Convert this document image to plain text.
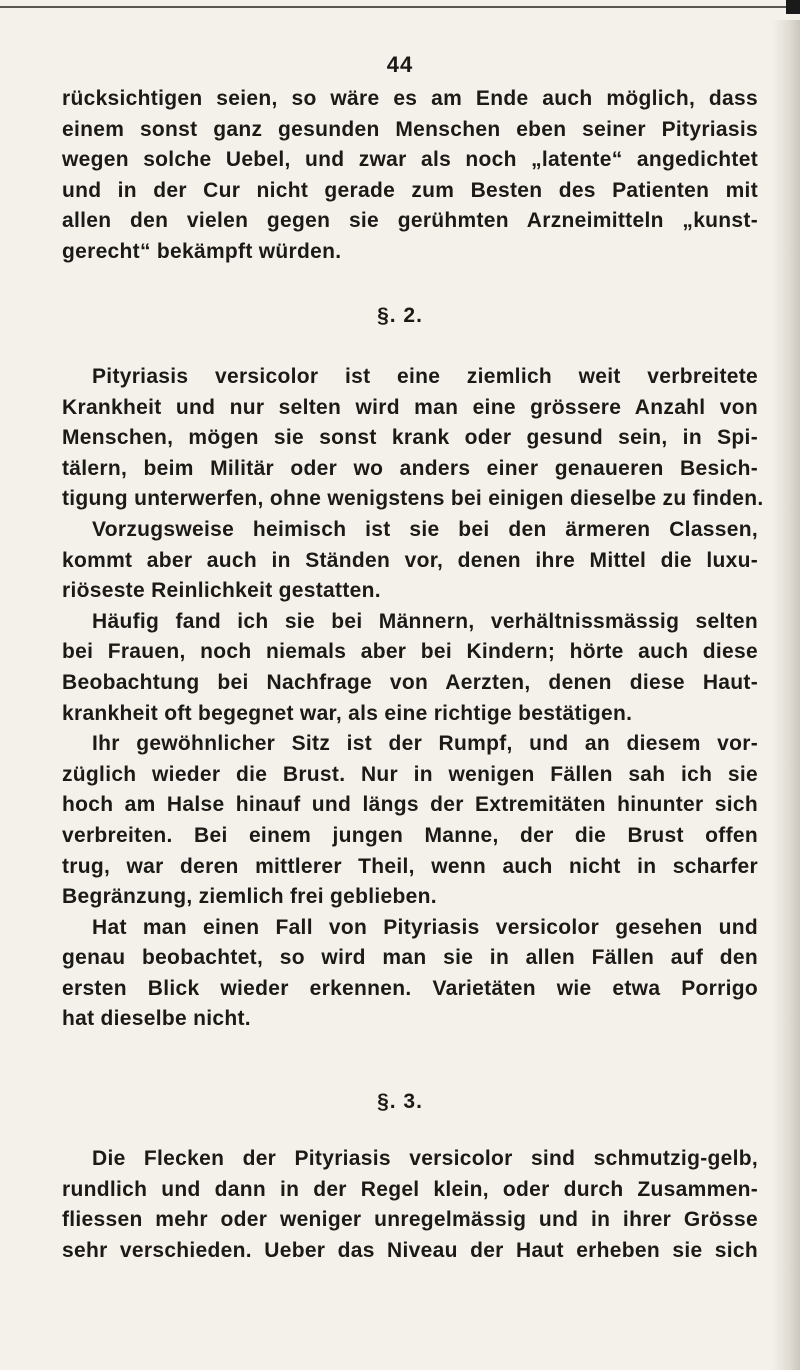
44
rücksichtigen seien, so wäre es am Ende auch möglich, dass
einem sonst ganz gesunden Menschen eben seiner Pityriasis
wegen solche Uebel, und zwar als noch „latente“ angedichtet
und in der Cur nicht gerade zum Besten des Patienten mit
allen den vielen gegen sie gerühmten Arzneimitteln „kunst-
gerecht“ bekämpft würden.
§. 2.
Pityriasis versicolor ist eine ziemlich weit verbreitete
Krankheit und nur selten wird man eine grössere Anzahl von
Menschen, mögen sie sonst krank oder gesund sein, in Spi-
tälern, beim Militär oder wo anders einer genaueren Besich-
tigung unterwerfen, ohne wenigstens bei einigen dieselbe zu finden.
Vorzugsweise heimisch ist sie bei den ärmeren Classen,
kommt aber auch in Ständen vor, denen ihre Mittel die luxu-
riöseste Reinlichkeit gestatten.
Häufig fand ich sie bei Männern, verhältnissmässig selten
bei Frauen, noch niemals aber bei Kindern; hörte auch diese
Beobachtung bei Nachfrage von Aerzten, denen diese Haut-
krankheit oft begegnet war, als eine richtige bestätigen.
Ihr gewöhnlicher Sitz ist der Rumpf, und an diesem vor-
züglich wieder die Brust. Nur in wenigen Fällen sah ich sie
hoch am Halse hinauf und längs der Extremitäten hinunter sich
verbreiten. Bei einem jungen Manne, der die Brust offen
trug, war deren mittlerer Theil, wenn auch nicht in scharfer
Begränzung, ziemlich frei geblieben.
Hat man einen Fall von Pityriasis versicolor gesehen und
genau beobachtet, so wird man sie in allen Fällen auf den
ersten Blick wieder erkennen. Varietäten wie etwa Porrigo
hat dieselbe nicht.
§. 3.
Die Flecken der Pityriasis versicolor sind schmutzig-gelb,
rundlich und dann in der Regel klein, oder durch Zusammen-
fliessen mehr oder weniger unregelmässig und in ihrer Grösse
sehr verschieden. Ueber das Niveau der Haut erheben sie sich
